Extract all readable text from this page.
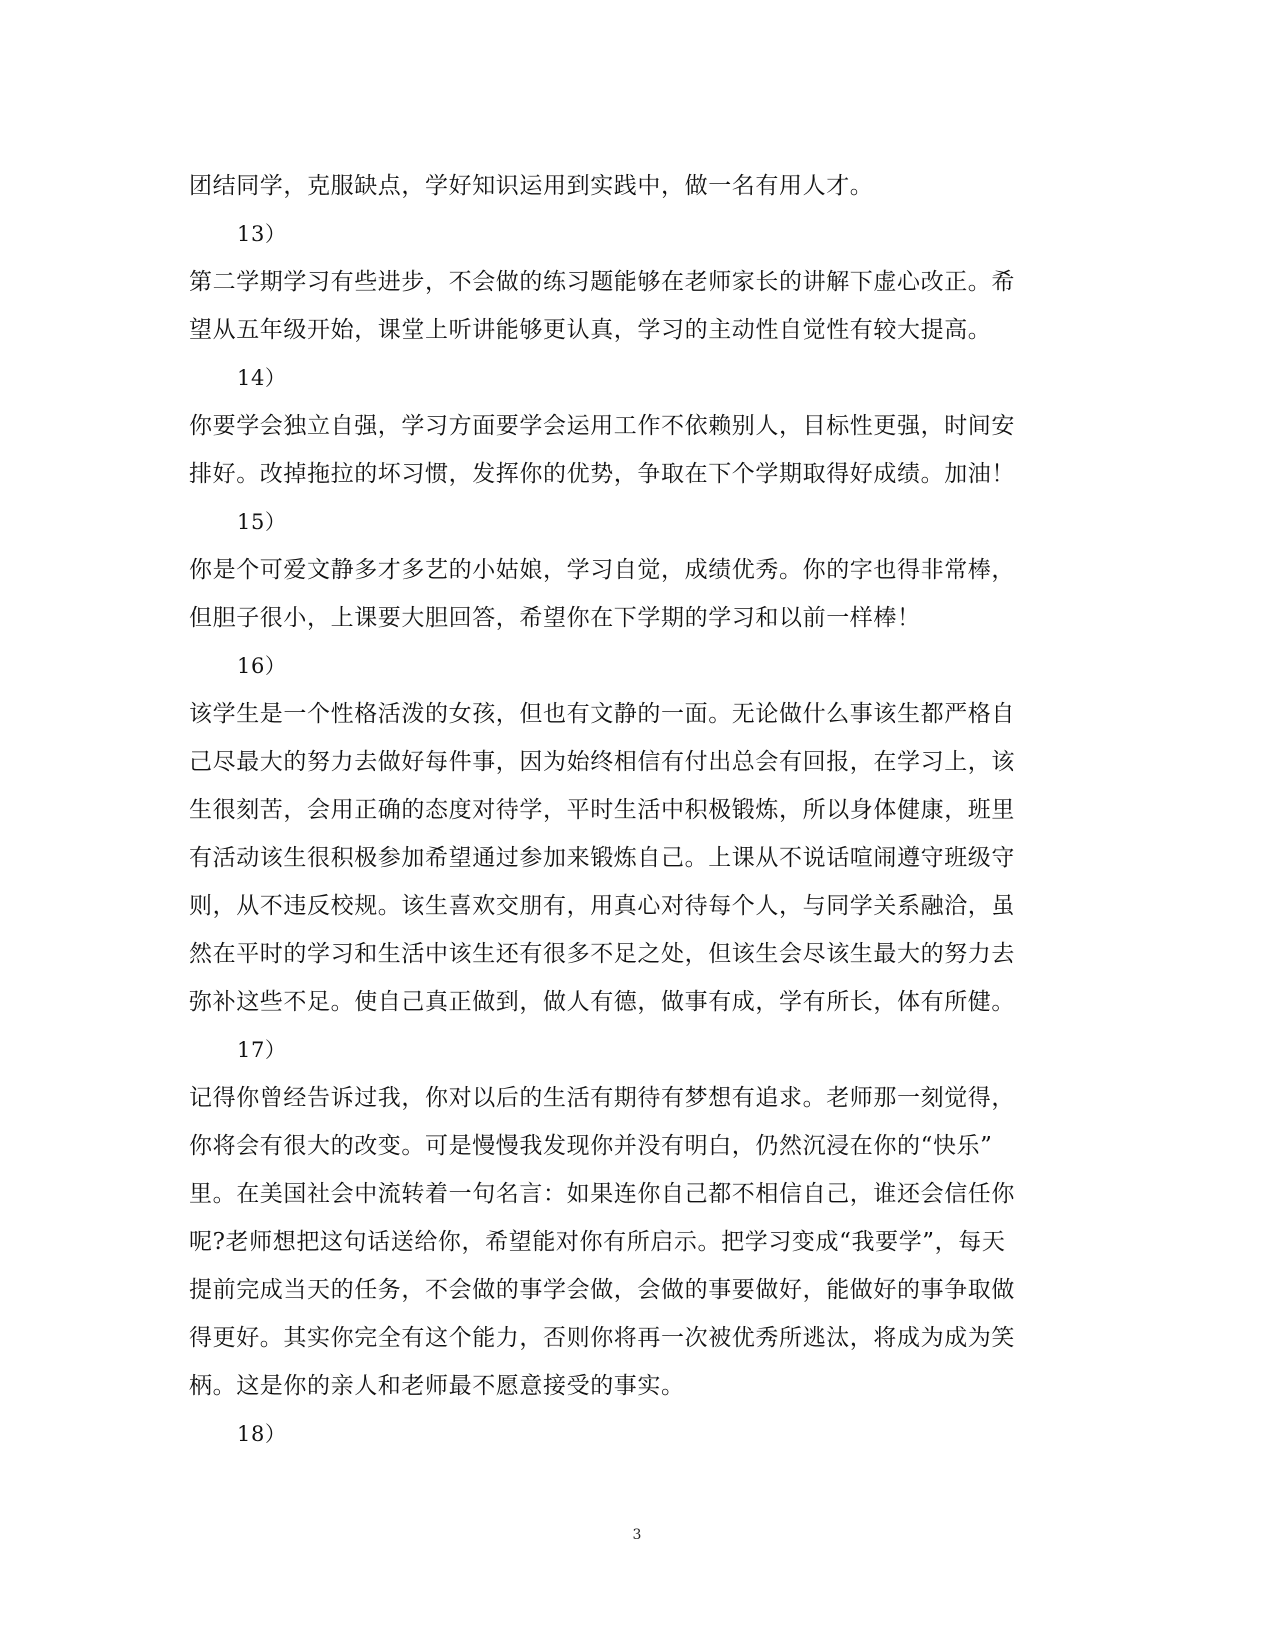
团结同学，克服缺点，学好知识运用到实践中，做一名有用人才。
13）
第二学期学习有些进步，不会做的练习题能够在老师家长的讲解下虚心改正。希
望从五年级开始，课堂上听讲能够更认真，学习的主动性自觉性有较大提高。
14）
你要学会独立自强，学习方面要学会运用工作不依赖别人，目标性更强，时间安
排好。改掉拖拉的坏习惯，发挥你的优势，争取在下个学期取得好成绩。加油！
15）
你是个可爱文静多才多艺的小姑娘，学习自觉，成绩优秀。你的字也得非常棒，
但胆子很小，上课要大胆回答，希望你在下学期的学习和以前一样棒！
16）
该学生是一个性格活泼的女孩，但也有文静的一面。无论做什么事该生都严格自
己尽最大的努力去做好每件事，因为始终相信有付出总会有回报，在学习上，该
生很刻苦，会用正确的态度对待学，平时生活中积极锻炼，所以身体健康，班里
有活动该生很积极参加希望通过参加来锻炼自己。上课从不说话喧闹遵守班级守
则，从不违反校规。该生喜欢交朋有，用真心对待每个人，与同学关系融洽，虽
然在平时的学习和生活中该生还有很多不足之处，但该生会尽该生最大的努力去
弥补这些不足。使自己真正做到，做人有德，做事有成，学有所长，体有所健。
17）
记得你曾经告诉过我，你对以后的生活有期待有梦想有追求。老师那一刻觉得，
你将会有很大的改变。可是慢慢我发现你并没有明白，仍然沉浸在你的“快乐”
里。在美国社会中流转着一句名言：如果连你自己都不相信自己，谁还会信任你
呢?老师想把这句话送给你，希望能对你有所启示。把学习变成“我要学”，每天
提前完成当天的任务，不会做的事学会做，会做的事要做好，能做好的事争取做
得更好。其实你完全有这个能力，否则你将再一次被优秀所逃汰，将成为成为笑
柄。这是你的亲人和老师最不愿意接受的事实。
18）
3
